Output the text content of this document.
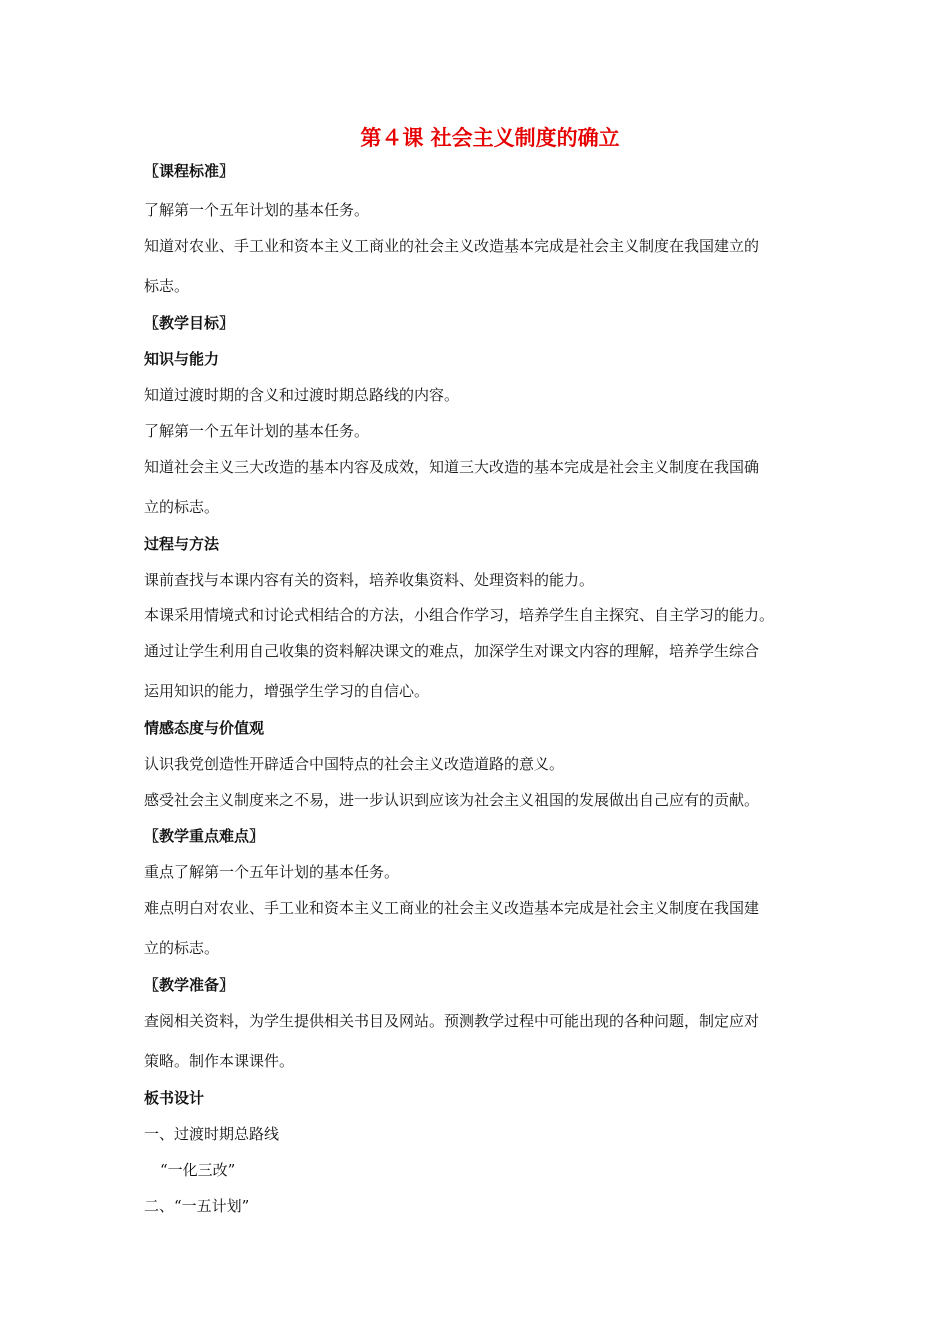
第４课 社会主义制度的确立
〖课程标准〗
了解第一个五年计划的基本任务。
知道对农业、手工业和资本主义工商业的社会主义改造基本完成是社会主义制度在我国建立的
标志。
〖教学目标〗
知识与能力
知道过渡时期的含义和过渡时期总路线的内容。
了解第一个五年计划的基本任务。
知道社会主义三大改造的基本内容及成效，知道三大改造的基本完成是社会主义制度在我国确
立的标志。
过程与方法
课前查找与本课内容有关的资料，培养收集资料、处理资料的能力。
本课采用情境式和讨论式相结合的方法，小组合作学习，培养学生自主探究、自主学习的能力。
通过让学生利用自己收集的资料解决课文的难点，加深学生对课文内容的理解，培养学生综合
运用知识的能力，增强学生学习的自信心。
情感态度与价值观
认识我党创造性开辟适合中国特点的社会主义改造道路的意义。
感受社会主义制度来之不易，进一步认识到应该为社会主义祖国的发展做出自己应有的贡献。
〖教学重点难点〗
重点了解第一个五年计划的基本任务。
难点明白对农业、手工业和资本主义工商业的社会主义改造基本完成是社会主义制度在我国建
立的标志。
〖教学准备〗
查阅相关资料，为学生提供相关书目及网站。预测教学过程中可能出现的各种问题，制定应对
策略。制作本课课件。
板书设计
一、过渡时期总路线
“一化三改”
二、“一五计划”
